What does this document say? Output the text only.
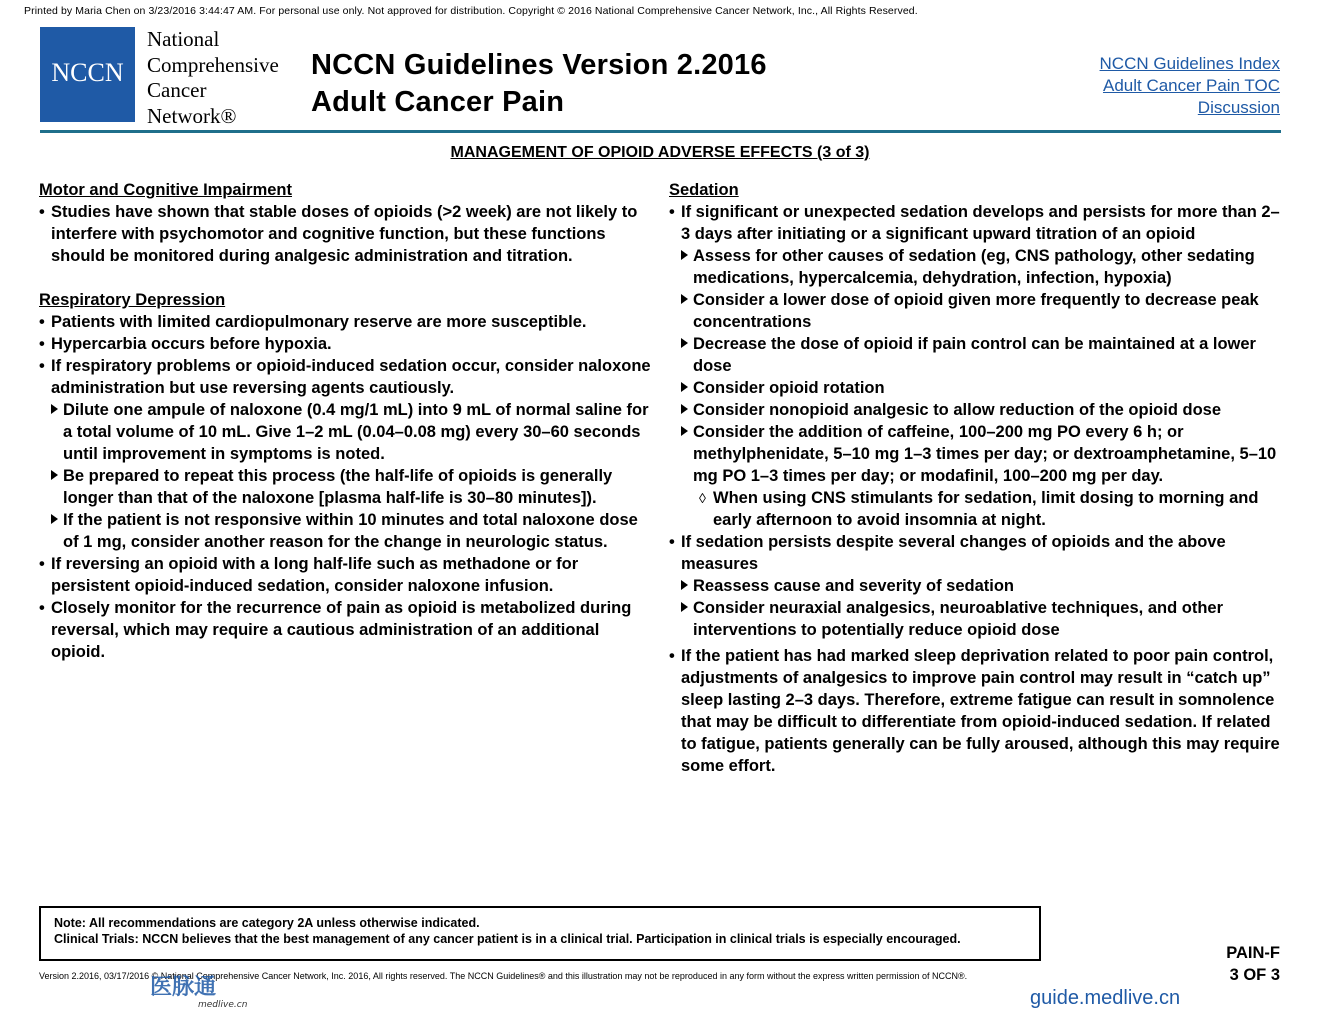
Printed by Maria Chen on 3/23/2016 3:44:47 AM. For personal use only. Not approved for distribution. Copyright © 2016 National Comprehensive Cancer Network, Inc., All Rights Reserved.
NCCN
National
Comprehensive
Cancer
Network®
NCCN Guidelines Version 2.2016
Adult Cancer Pain
NCCN Guidelines Index
Adult Cancer Pain TOC
Discussion
MANAGEMENT OF OPIOID ADVERSE EFFECTS (3 of 3)
Motor and Cognitive Impairment
• Studies have shown that stable doses of opioids (>2 week) are not likely to interfere with psychomotor and cognitive function, but these functions should be monitored during analgesic administration and titration.
Respiratory Depression
• Patients with limited cardiopulmonary reserve are more susceptible.
• Hypercarbia occurs before hypoxia.
• If respiratory problems or opioid-induced sedation occur, consider naloxone administration but use reversing agents cautiously.
Dilute one ampule of naloxone (0.4 mg/1 mL) into 9 mL of normal saline for a total volume of 10 mL. Give 1–2 mL (0.04–0.08 mg) every 30–60 seconds until improvement in symptoms is noted.
Be prepared to repeat this process (the half-life of opioids is generally longer than that of the naloxone [plasma half-life is 30–80 minutes]).
If the patient is not responsive within 10 minutes and total naloxone dose of 1 mg, consider another reason for the change in neurologic status.
• If reversing an opioid with a long half-life such as methadone or for persistent opioid-induced sedation, consider naloxone infusion.
• Closely monitor for the recurrence of pain as opioid is metabolized during reversal, which may require a cautious administration of an additional opioid.
Sedation
• If significant or unexpected sedation develops and persists for more than 2–3 days after initiating or a significant upward titration of an opioid
Assess for other causes of sedation (eg, CNS pathology, other sedating medications, hypercalcemia, dehydration, infection, hypoxia)
Consider a lower dose of opioid given more frequently to decrease peak concentrations
Decrease the dose of opioid if pain control can be maintained at a lower dose
Consider opioid rotation
Consider nonopioid analgesic to allow reduction of the opioid dose
Consider the addition of caffeine, 100–200 mg PO every 6 h; or methylphenidate, 5–10 mg 1–3 times per day; or dextroamphetamine, 5–10 mg PO 1–3 times per day; or modafinil, 100–200 mg per day.
◊ When using CNS stimulants for sedation, limit dosing to morning and early afternoon to avoid insomnia at night.
• If sedation persists despite several changes of opioids and the above measures
Reassess cause and severity of sedation
Consider neuraxial analgesics, neuroablative techniques, and other interventions to potentially reduce opioid dose
• If the patient has had marked sleep deprivation related to poor pain control, adjustments of analgesics to improve pain control may result in “catch up” sleep lasting 2–3 days. Therefore, extreme fatigue can result in somnolence that may be difficult to differentiate from opioid-induced sedation. If related to fatigue, patients generally can be fully aroused, although this may require some effort.
Note: All recommendations are category 2A unless otherwise indicated.
Clinical Trials: NCCN believes that the best management of any cancer patient is in a clinical trial. Participation in clinical trials is especially encouraged.
PAIN-F
3 OF 3
Version 2.2016, 03/17/2016 © National Comprehensive Cancer Network, Inc. 2016, All rights reserved. The NCCN Guidelines® and this illustration may not be reproduced in any form without the express written permission of NCCN®.
医脉通
medlive.cn	guide.medlive.cn
